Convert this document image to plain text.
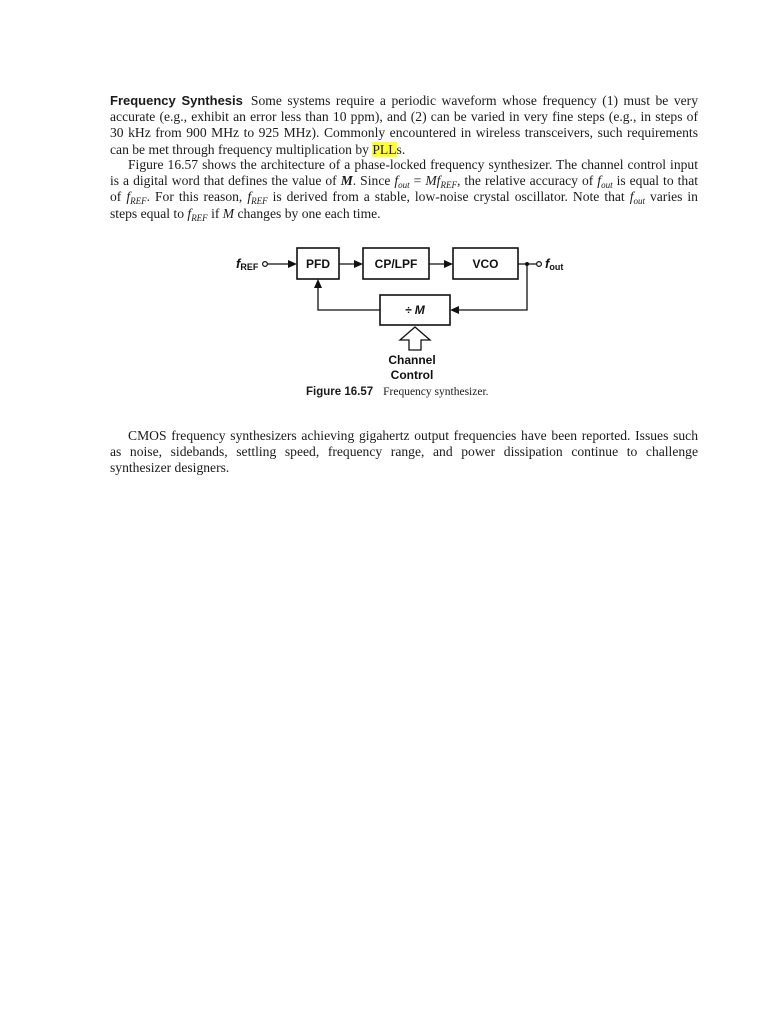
Frequency Synthesis Some systems require a periodic waveform whose frequency (1) must be very accurate (e.g., exhibit an error less than 10 ppm), and (2) can be varied in very fine steps (e.g., in steps of 30 kHz from 900 MHz to 925 MHz). Commonly encountered in wireless transceivers, such requirements can be met through frequency multiplication by PLLs.

Figure 16.57 shows the architecture of a phase-locked frequency synthesizer. The channel control input is a digital word that defines the value of M. Since $f_{out} = Mf_{REF}$, the relative accuracy of $f_{out}$ is equal to that of $f_{REF}$. For this reason, $f_{REF}$ is derived from a stable, low-noise crystal oscillator. Note that $f_{out}$ varies in steps equal to $f_{REF}$ if M changes by one each time.

fREF	PFD	CP/LPF	VCO	fout
÷ M
Channel
Control
Figure 16.57 Frequency synthesizer.

CMOS frequency synthesizers achieving gigahertz output frequencies have been reported. Issues such as noise, sidebands, settling speed, frequency range, and power dissipation continue to challenge synthesizer designers.
